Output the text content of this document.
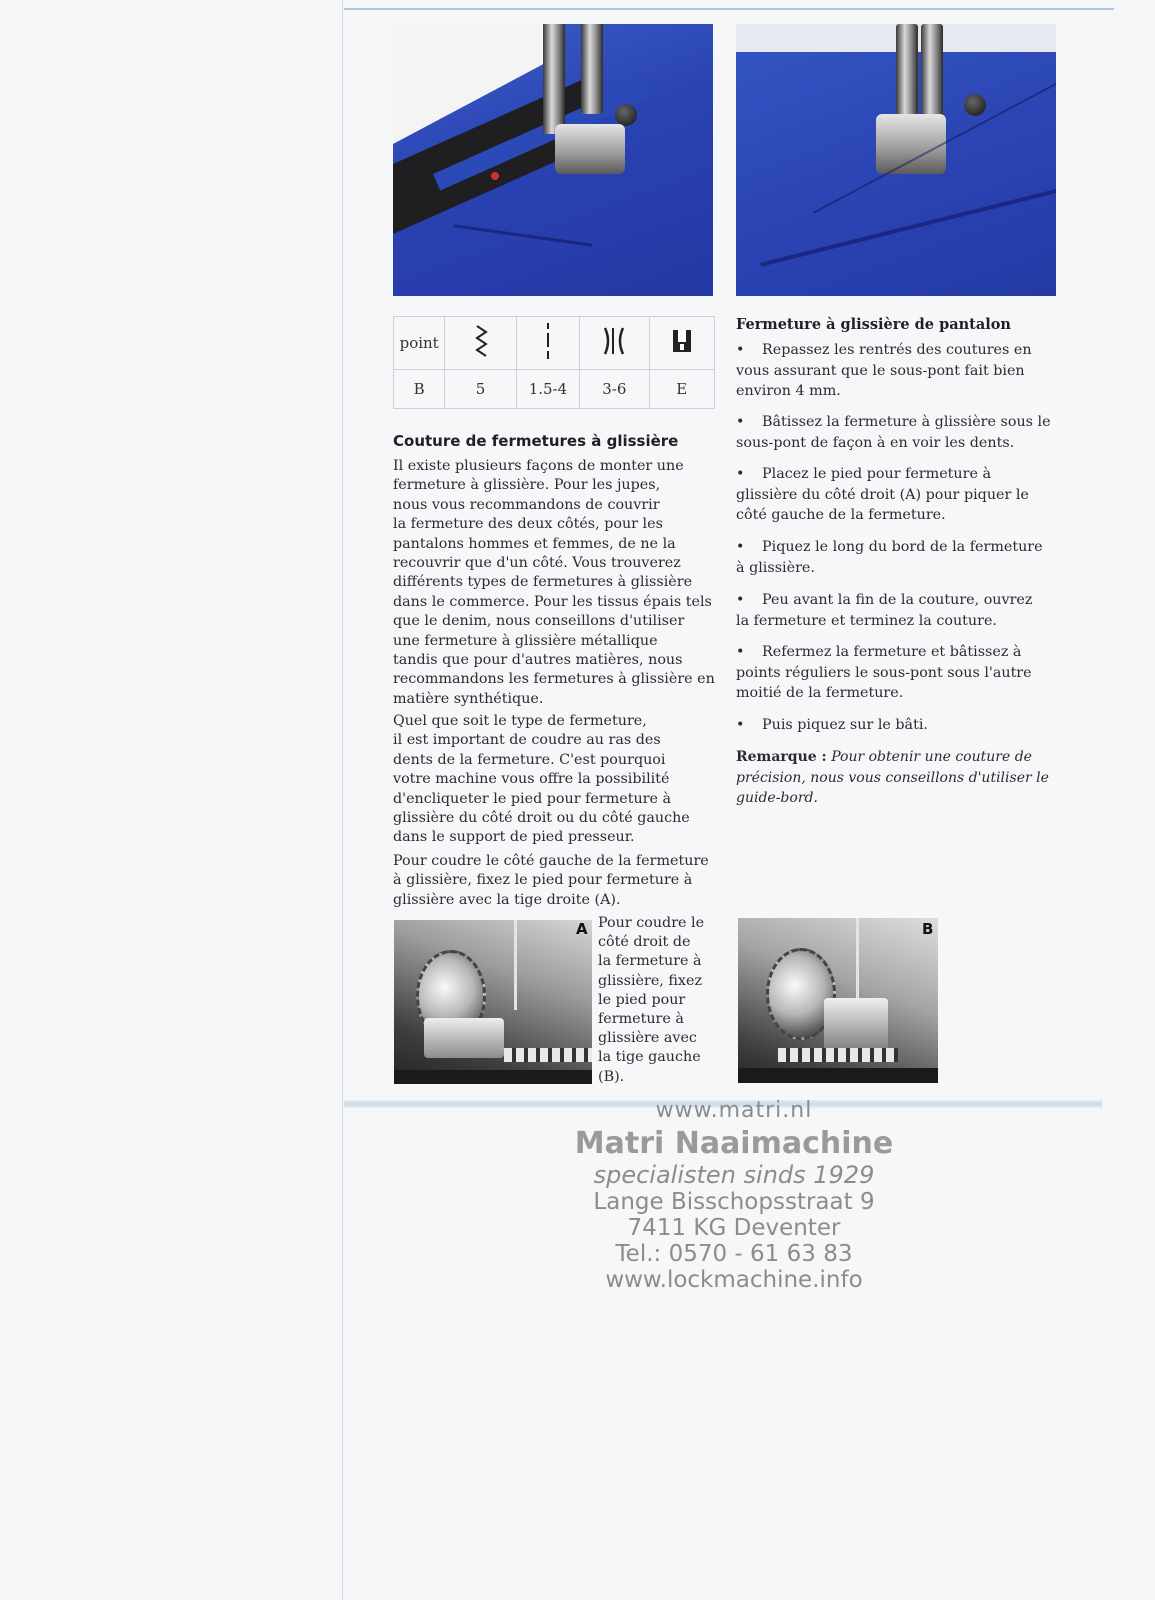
point				
B	5	1.5-4	3-6	E
Couture de fermetures à glissière
Il existe plusieurs façons de monter une
fermeture à glissière. Pour les jupes,
nous vous recommandons de couvrir
la fermeture des deux côtés, pour les
pantalons hommes et femmes, de ne la
recouvrir que d'un côté. Vous trouverez
différents types de fermetures à glissière
dans le commerce. Pour les tissus épais tels
que le denim, nous conseillons d'utiliser
une fermeture à glissière métallique
tandis que pour d'autres matières, nous
recommandons les fermetures à glissière en
matière synthétique.
Quel que soit le type de fermeture,
il est important de coudre au ras des
dents de la fermeture. C'est pourquoi
votre machine vous offre la possibilité
d'encliqueter le pied pour fermeture à
glissière du côté droit ou du côté gauche
dans le support de pied presseur.
Pour coudre le côté gauche de la fermeture
à glissière, fixez le pied pour fermeture à
glissière avec la tige droite (A).
A Pour coudre le
côté droit de
la fermeture à
glissière, fixez
le pied pour
fermeture à
glissière avec
la tige gauche
(B).
B
Fermeture à glissière de pantalon
• Repassez les rentrés des coutures en
vous assurant que le sous-pont fait bien
environ 4 mm.
• Bâtissez la fermeture à glissière sous le
sous-pont de façon à en voir les dents.
• Placez le pied pour fermeture à
glissière du côté droit (A) pour piquer le
côté gauche de la fermeture.
• Piquez le long du bord de la fermeture
à glissière.
• Peu avant la fin de la couture, ouvrez
la fermeture et terminez la couture.
• Refermez la fermeture et bâtissez à
points réguliers le sous-pont sous l'autre
moitié de la fermeture.
• Puis piquez sur le bâti.
Remarque : Pour obtenir une couture de
précision, nous vous conseillons d'utiliser le
guide-bord.
www.matri.nl
Matri Naaimachine
specialisten sinds 1929
Lange Bisschopsstraat 9
7411 KG Deventer
Tel.: 0570 - 61 63 83
www.lockmachine.info
